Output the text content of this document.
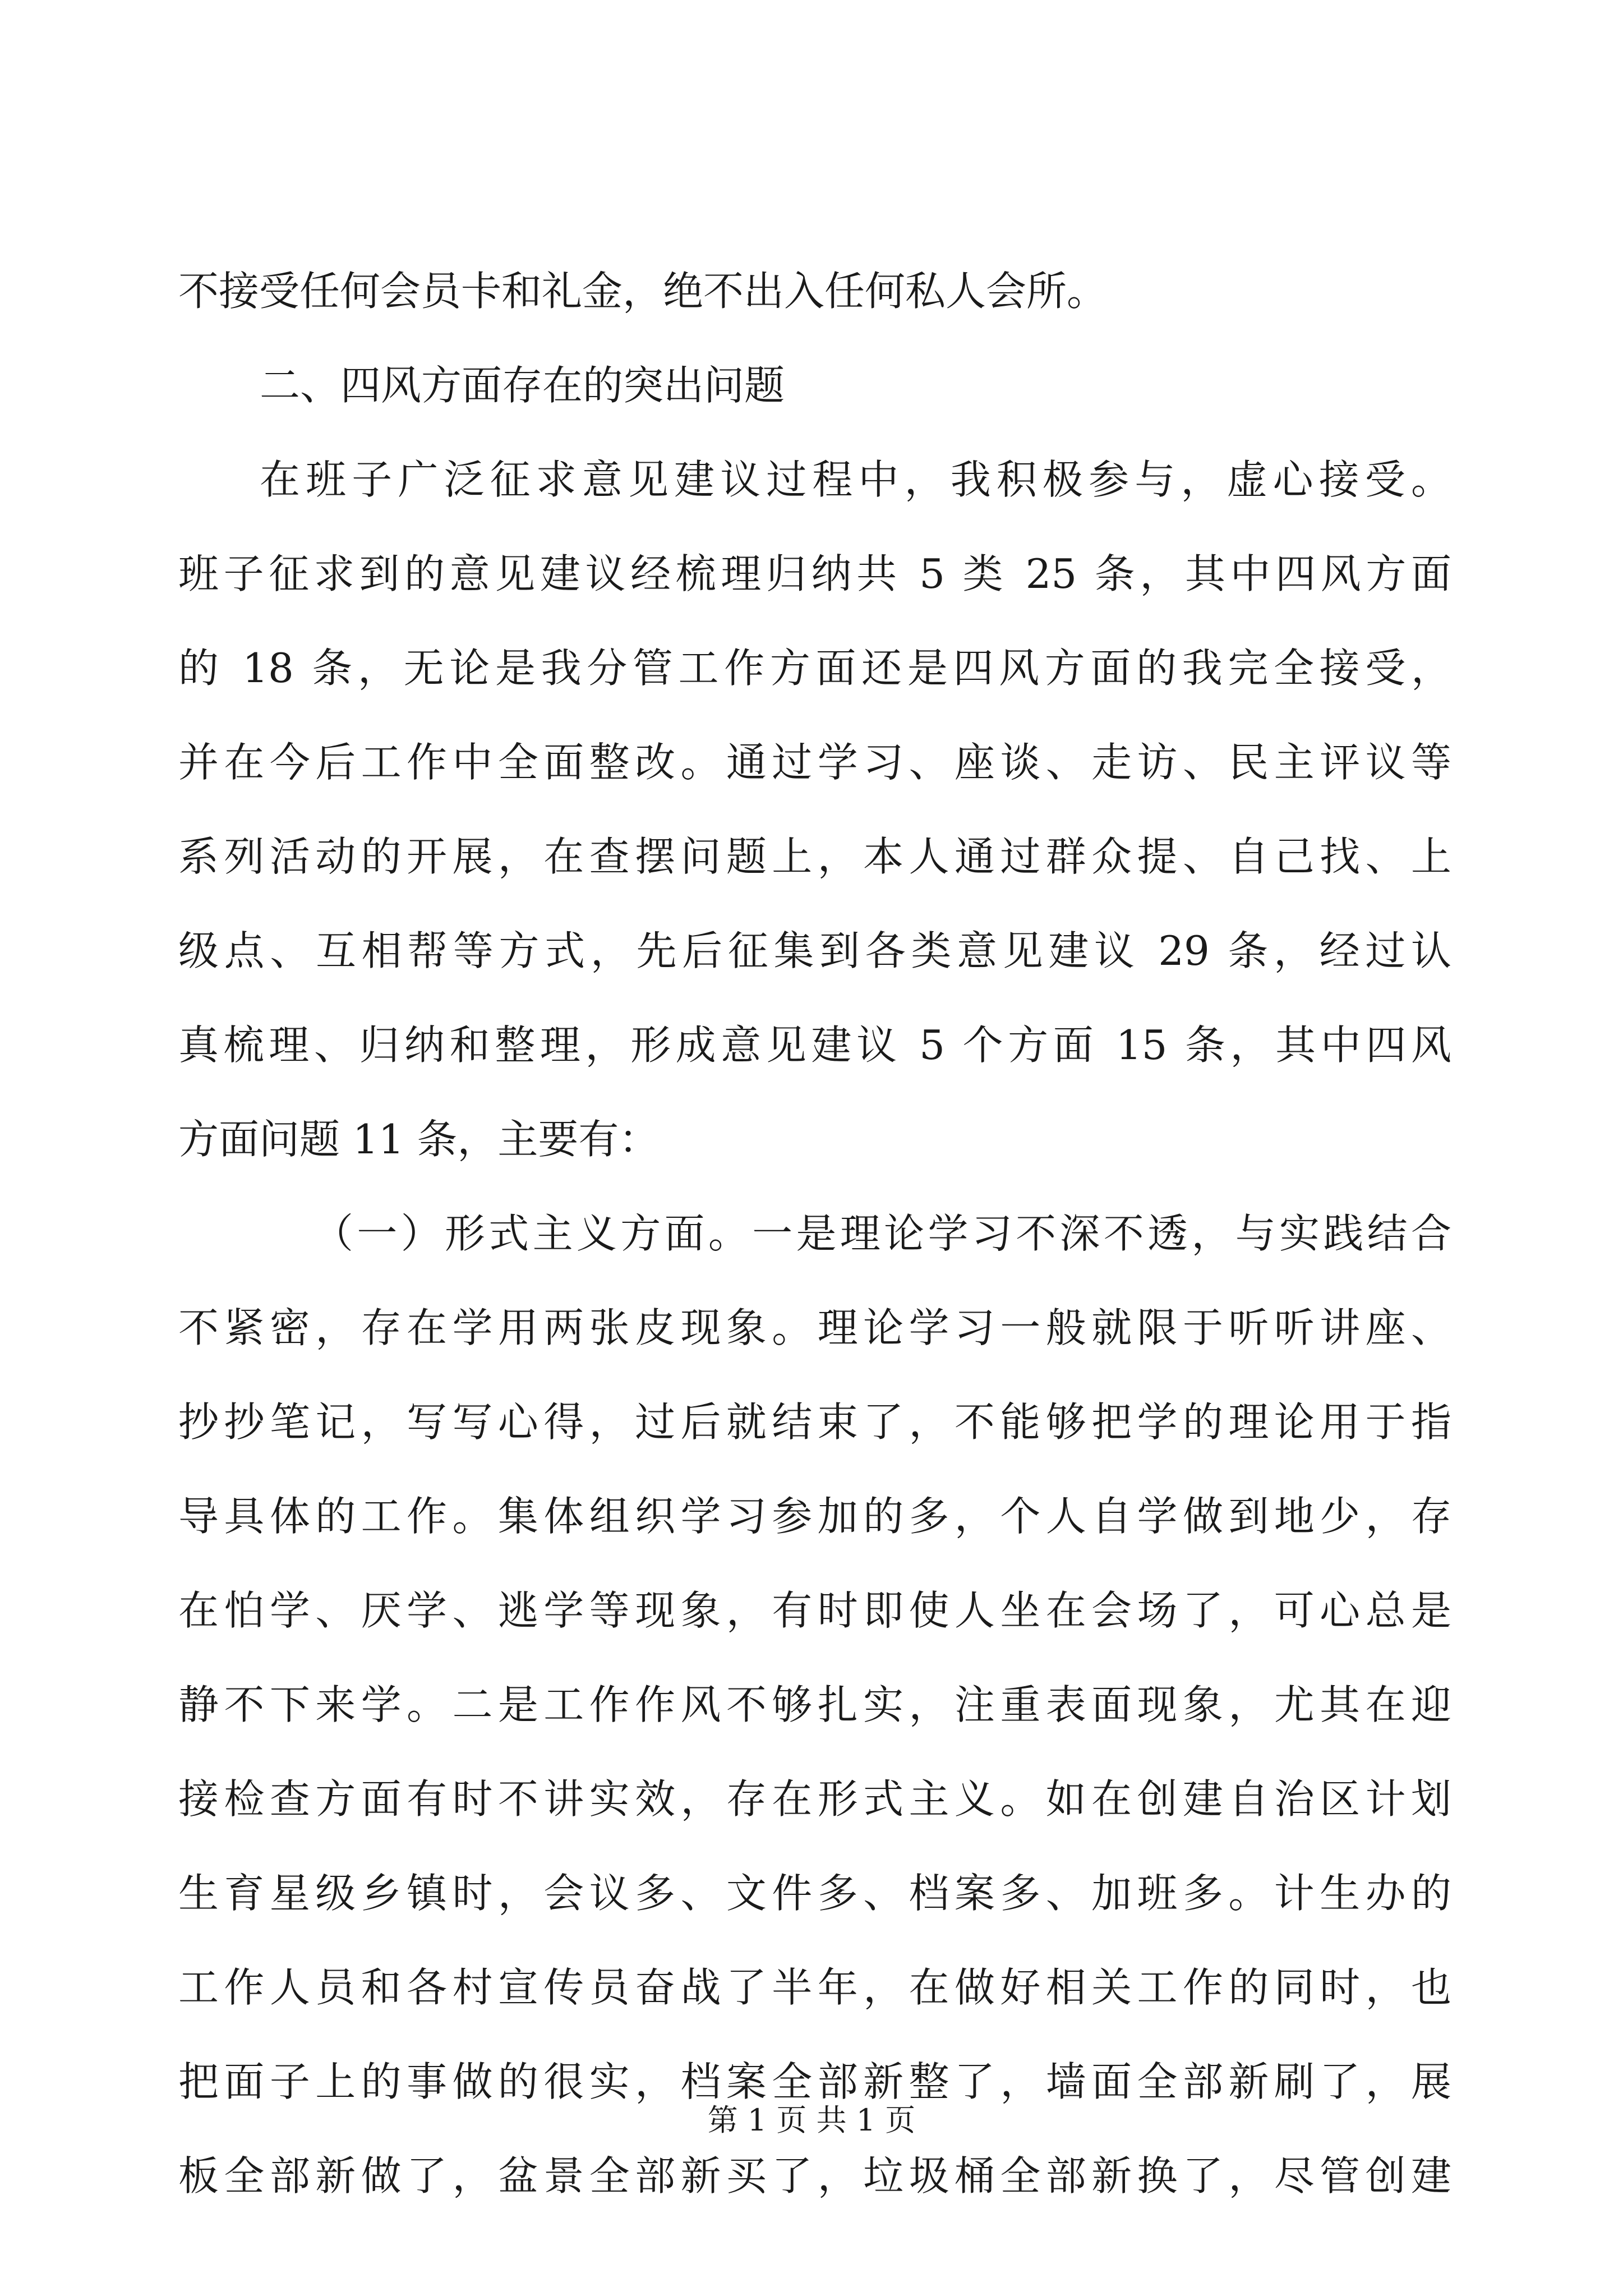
不接受任何会员卡和礼金，绝不出入任何私人会所。
二、四风方面存在的突出问题
在班子广泛征求意见建议过程中，我积极参与，虚心接受。
班子征求到的意见建议经梳理归纳共 5 类 25 条，其中四风方面
的 18 条，无论是我分管工作方面还是四风方面的我完全接受，
并在今后工作中全面整改。通过学习、座谈、走访、民主评议等
系列活动的开展，在查摆问题上，本人通过群众提、自己找、上
级点、互相帮等方式，先后征集到各类意见建议 29 条，经过认
真梳理、归纳和整理，形成意见建议 5 个方面 15 条，其中四风
方面问题 11 条，主要有：
（一）形式主义方面。一是理论学习不深不透，与实践结合
不紧密，存在学用两张皮现象。理论学习一般就限于听听讲座、
抄抄笔记，写写心得，过后就结束了，不能够把学的理论用于指
导具体的工作。集体组织学习参加的多，个人自学做到地少，存
在怕学、厌学、逃学等现象，有时即使人坐在会场了，可心总是
静不下来学。二是工作作风不够扎实，注重表面现象，尤其在迎
接检查方面有时不讲实效，存在形式主义。如在创建自治区计划
生育星级乡镇时，会议多、文件多、档案多、加班多。计生办的
工作人员和各村宣传员奋战了半年，在做好相关工作的同时，也
把面子上的事做的很实，档案全部新整了，墙面全部新刷了，展
板全部新做了，盆景全部新买了，垃圾桶全部新换了，尽管创建
第 1 页 共 1 页
